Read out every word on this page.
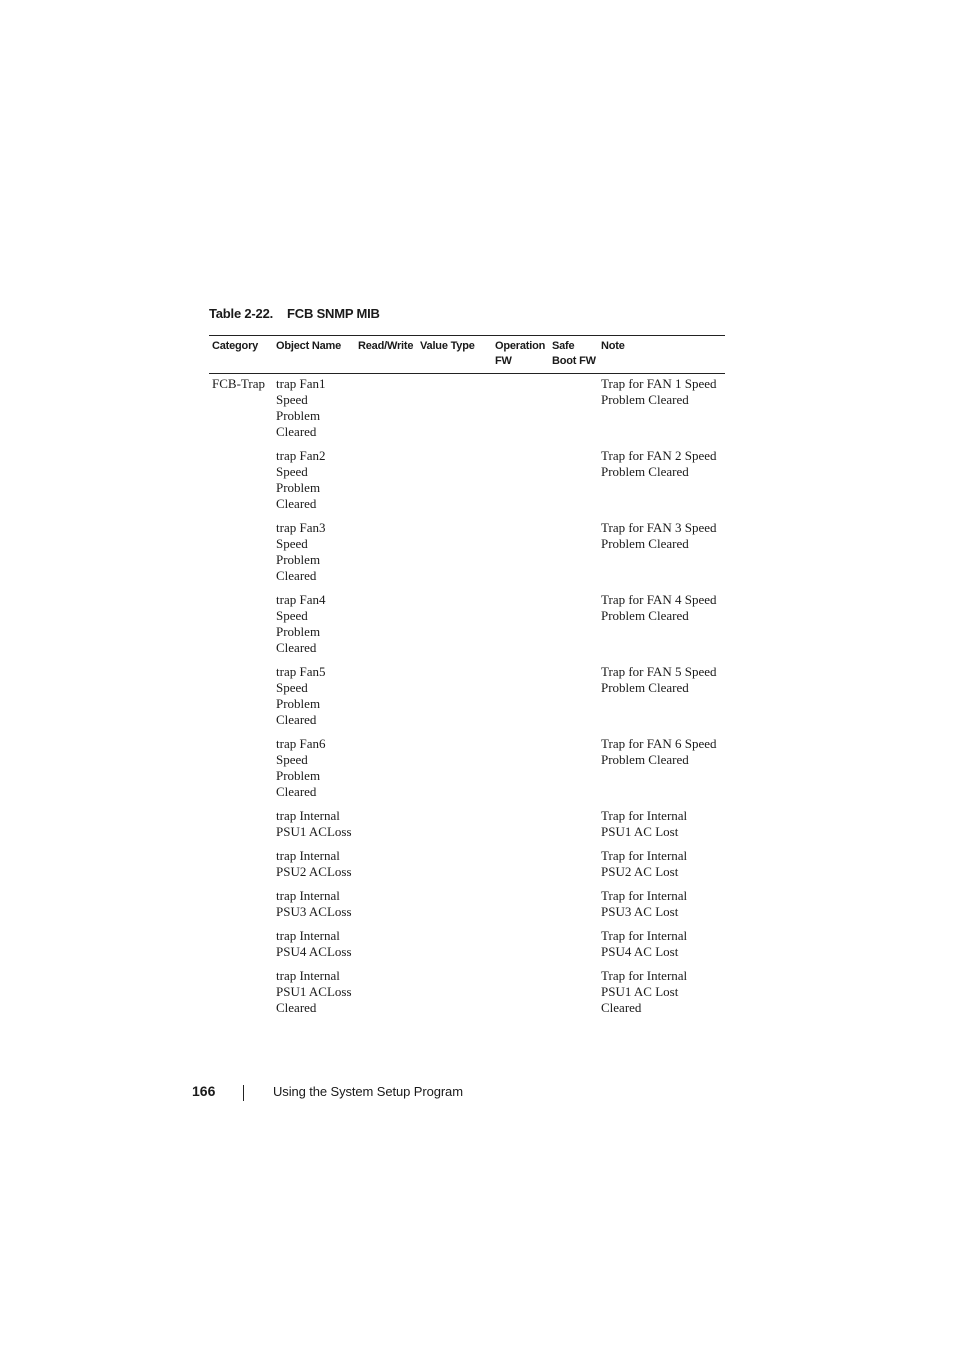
Table 2-22. FCB SNMP MIB
Category Object Name Read/Write Value Type Operation
FW
Safe
Boot FW
Note
FCB-Trap trap Fan1
Speed
Problem
Cleared
Trap for FAN 1 Speed
Problem Cleared
trap Fan2
Speed
Problem
Cleared
Trap for FAN 2 Speed
Problem Cleared
trap Fan3
Speed
Problem
Cleared
Trap for FAN 3 Speed
Problem Cleared
trap Fan4
Speed
Problem
Cleared
Trap for FAN 4 Speed
Problem Cleared
trap Fan5
Speed
Problem
Cleared
Trap for FAN 5 Speed
Problem Cleared
trap Fan6
Speed
Problem
Cleared
Trap for FAN 6 Speed
Problem Cleared
trap Internal
PSU1 ACLoss
Trap for Internal
PSU1 AC Lost
trap Internal
PSU2 ACLoss
Trap for Internal
PSU2 AC Lost
trap Internal
PSU3 ACLoss
Trap for Internal
PSU3 AC Lost
trap Internal
PSU4 ACLoss
Trap for Internal
PSU4 AC Lost
trap Internal
PSU1 ACLoss
Cleared
Trap for Internal
PSU1 AC Lost
Cleared
166	Using the System Setup Program
